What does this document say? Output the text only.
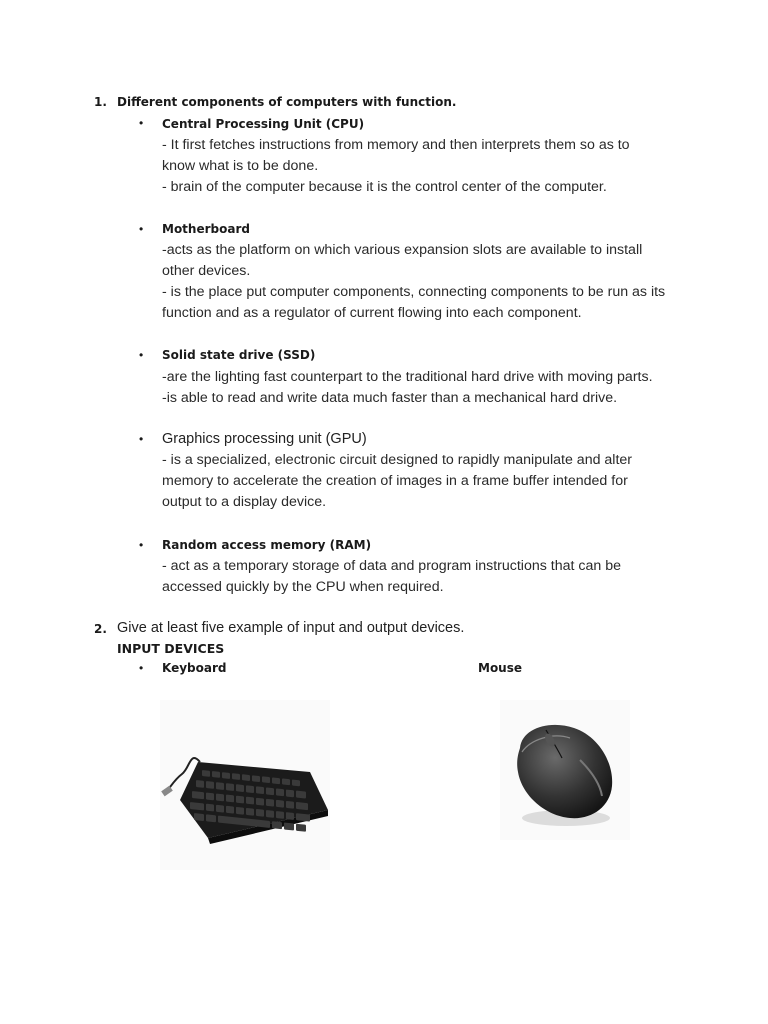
1. Different components of computers with function.
• Central Processing Unit (CPU)
- It first fetches instructions from memory and then interprets them so as to
know what is to be done.
- brain of the computer because it is the control center of the computer.
• Motherboard
-acts as the platform on which various expansion slots are available to install
other devices.
- is the place put computer components, connecting components to be run as its
function and as a regulator of current flowing into each component.
• Solid state drive (SSD)
-are the lighting fast counterpart to the traditional hard drive with moving parts.
-is able to read and write data much faster than a mechanical hard drive.
• Graphics processing unit (GPU)
- is a specialized, electronic circuit designed to rapidly manipulate and alter
memory to accelerate the creation of images in a frame buffer intended for
output to a display device.
• Random access memory (RAM)
- act as a temporary storage of data and program instructions that can be
accessed quickly by the CPU when required.
2. Give at least five example of input and output devices.
INPUT DEVICES
• Keyboard	Mouse
